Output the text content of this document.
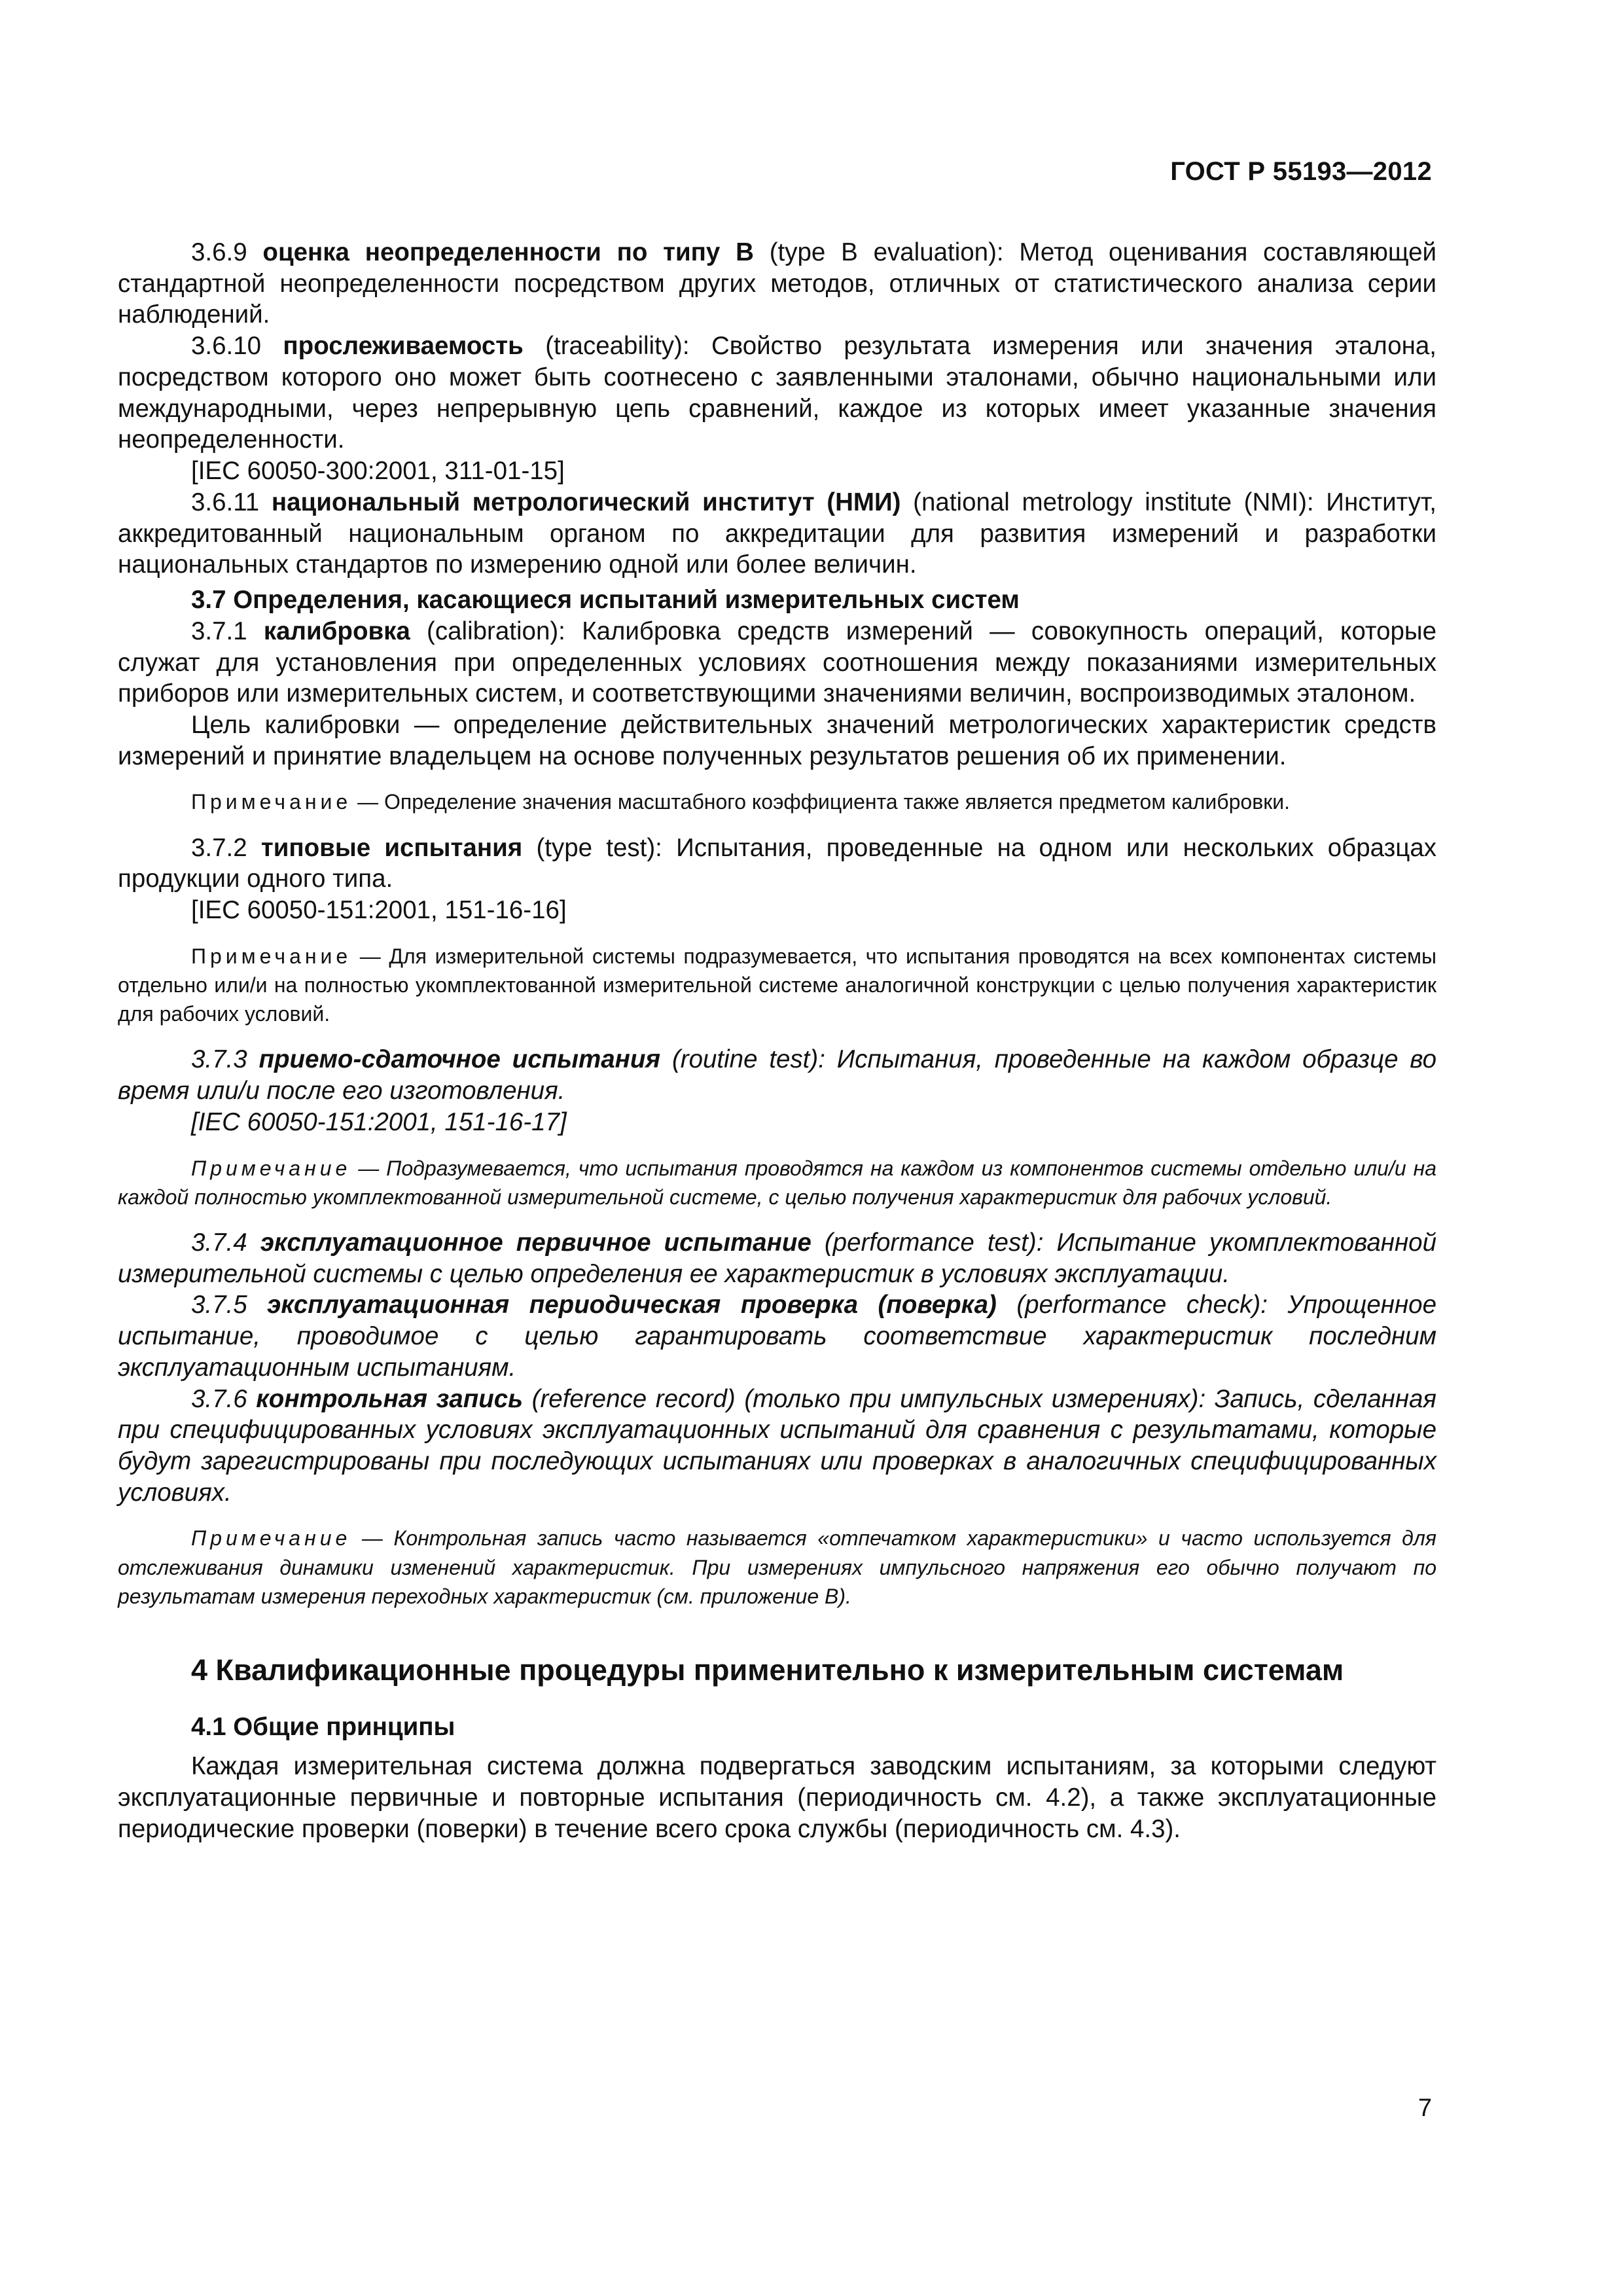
ГОСТ Р 55193—2012

3.6.9 оценка неопределенности по типу В (type B evaluation): Метод оценивания составляющей стандартной неопределенности посредством других методов, отличных от статистического анализа серии наблюдений.

3.6.10 прослеживаемость (traceability): Свойство результата измерения или значения эталона, посредством которого оно может быть соотнесено с заявленными эталонами, обычно национальными или международными, через непрерывную цепь сравнений, каждое из которых имеет указанные значения неопределенности.

[IEC 60050-300:2001, 311-01-15]

3.6.11 национальный метрологический институт (НМИ) (national metrology institute (NMI): Институт, аккредитованный национальным органом по аккредитации для развития измерений и разработки национальных стандартов по измерению одной или более величин.

3.7 Определения, касающиеся испытаний измерительных систем

3.7.1 калибровка (calibration): Калибровка средств измерений — совокупность операций, которые служат для установления при определенных условиях соотношения между показаниями измерительных приборов или измерительных систем, и соответствующими значениями величин, воспроизводимых эталоном.

Цель калибровки — определение действительных значений метрологических характеристик средств измерений и принятие владельцем на основе полученных результатов решения об их применении.

Примечание — Определение значения масштабного коэффициента также является предметом калибровки.

3.7.2 типовые испытания (type test): Испытания, проведенные на одном или нескольких образцах продукции одного типа.

[IEC 60050-151:2001, 151-16-16]

Примечание — Для измерительной системы подразумевается, что испытания проводятся на всех компонентах системы отдельно или/и на полностью укомплектованной измерительной системе аналогичной конструкции с целью получения характеристик для рабочих условий.

3.7.3 приемо-сдаточное испытания (routine test): Испытания, проведенные на каждом образце во время или/и после его изготовления.

[IEC 60050-151:2001, 151-16-17]

Примечание — Подразумевается, что испытания проводятся на каждом из компонентов системы отдельно или/и на каждой полностью укомплектованной измерительной системе, с целью получения характеристик для рабочих условий.

3.7.4 эксплуатационное первичное испытание (performance test): Испытание укомплектованной измерительной системы с целью определения ее характеристик в условиях эксплуатации.

3.7.5 эксплуатационная периодическая проверка (поверка) (performance check): Упрощенное испытание, проводимое с целью гарантировать соответствие характеристик последним эксплуатационным испытаниям.

3.7.6 контрольная запись (reference record) (только при импульсных измерениях): Запись, сделанная при специфицированных условиях эксплуатационных испытаний для сравнения с результатами, которые будут зарегистрированы при последующих испытаниях или проверках в аналогичных специфицированных условиях.

Примечание — Контрольная запись часто называется «отпечатком характеристики» и часто используется для отслеживания динамики изменений характеристик. При измерениях импульсного напряжения его обычно получают по результатам измерения переходных характеристик (см. приложение В).

4 Квалификационные процедуры применительно к измерительным системам

4.1 Общие принципы

Каждая измерительная система должна подвергаться заводским испытаниям, за которыми следуют эксплуатационные первичные и повторные испытания (периодичность см. 4.2), а также эксплуатационные периодические проверки (поверки) в течение всего срока службы (периодичность см. 4.3).

7
